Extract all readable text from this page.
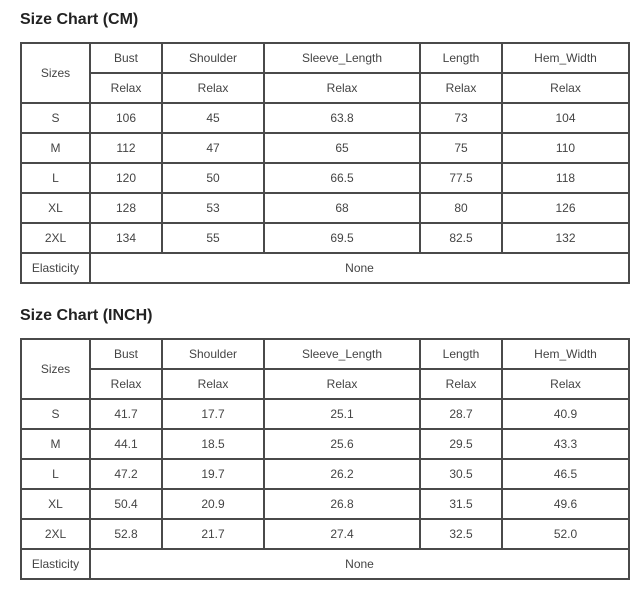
Size Chart (CM)
Sizes	Bust	Shoulder	Sleeve_Length	Length	Hem_Width
	Relax	Relax	Relax	Relax	Relax
S	106	45	63.8	73	104
M	112	47	65	75	110
L	120	50	66.5	77.5	118
XL	128	53	68	80	126
2XL	134	55	69.5	82.5	132
Elasticity	None				
Size Chart (INCH)
Sizes	Bust	Shoulder	Sleeve_Length	Length	Hem_Width
	Relax	Relax	Relax	Relax	Relax
S	41.7	17.7	25.1	28.7	40.9
M	44.1	18.5	25.6	29.5	43.3
L	47.2	19.7	26.2	30.5	46.5
XL	50.4	20.9	26.8	31.5	49.6
2XL	52.8	21.7	27.4	32.5	52.0
Elasticity	None				
